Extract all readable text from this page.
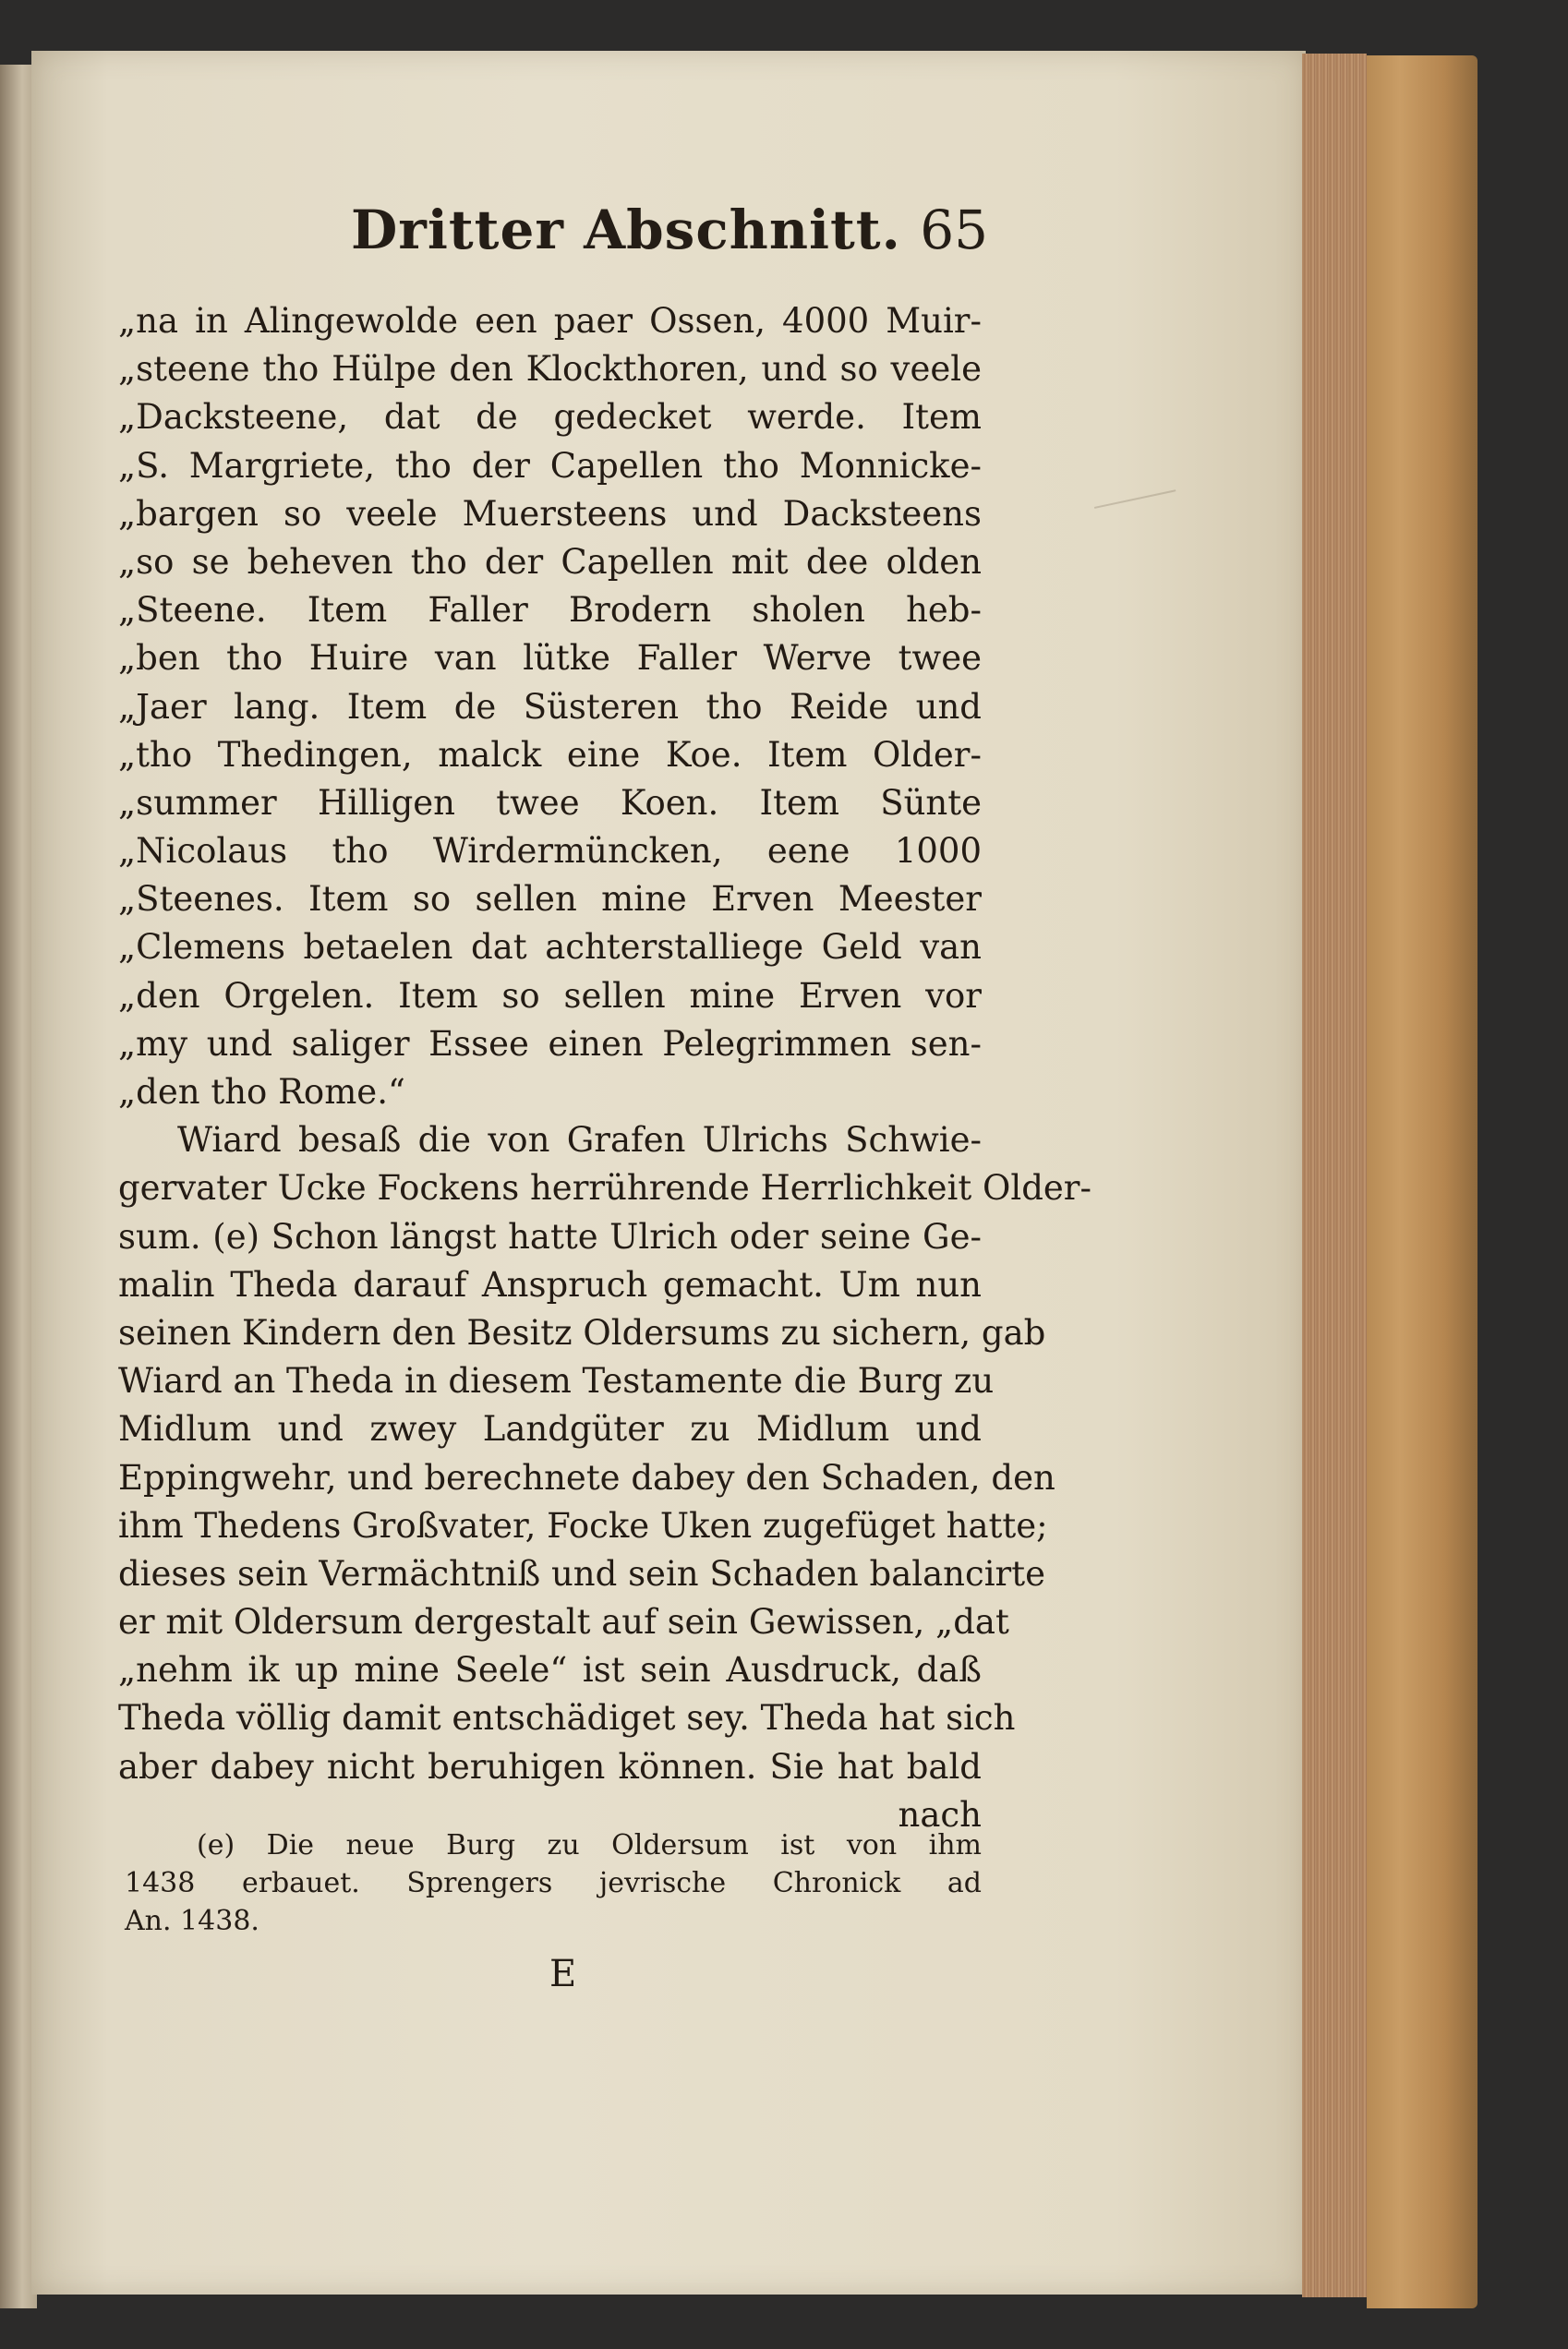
Dritter Abschnitt. 65
„na in Alingewolde een paer Ossen, 4000 Muir-
„steene tho Hülpe den Klockthoren, und so veele
„Dacksteene, dat de gedecket werde. Item
„S. Margriete, tho der Capellen tho Monnicke-
„bargen so veele Muersteens und Dacksteens
„so se beheven tho der Capellen mit dee olden
„Steene. Item Faller Brodern sholen heb-
„ben tho Huire van lütke Faller Werve twee
„Jaer lang. Item de Süsteren tho Reide und
„tho Thedingen, malck eine Koe. Item Older-
„summer Hilligen twee Koen. Item Sünte
„Nicolaus tho Wirdermüncken, eene 1000
„Steenes. Item so sellen mine Erven Meester
„Clemens betaelen dat achterstalliege Geld van
„den Orgelen. Item so sellen mine Erven vor
„my und saliger Essee einen Pelegrimmen sen-
„den tho Rome.“
Wiard besaß die von Grafen Ulrichs Schwie-
gervater Ucke Fockens herrührende Herrlichkeit Older-
sum. (e) Schon längst hatte Ulrich oder seine Ge-
malin Theda darauf Anspruch gemacht. Um nun
seinen Kindern den Besitz Oldersums zu sichern, gab
Wiard an Theda in diesem Testamente die Burg zu
Midlum und zwey Landgüter zu Midlum und
Eppingwehr, und berechnete dabey den Schaden, den
ihm Thedens Großvater, Focke Uken zugefüget hatte;
dieses sein Vermächtniß und sein Schaden balancirte
er mit Oldersum dergestalt auf sein Gewissen, „dat
„nehm ik up mine Seele“ ist sein Ausdruck, daß
Theda völlig damit entschädiget sey. Theda hat sich
aber dabey nicht beruhigen können. Sie hat bald
nach
(e) Die neue Burg zu Oldersum ist von ihm
1438 erbauet. Sprengers jevrische Chronick ad
An. 1438.
E
